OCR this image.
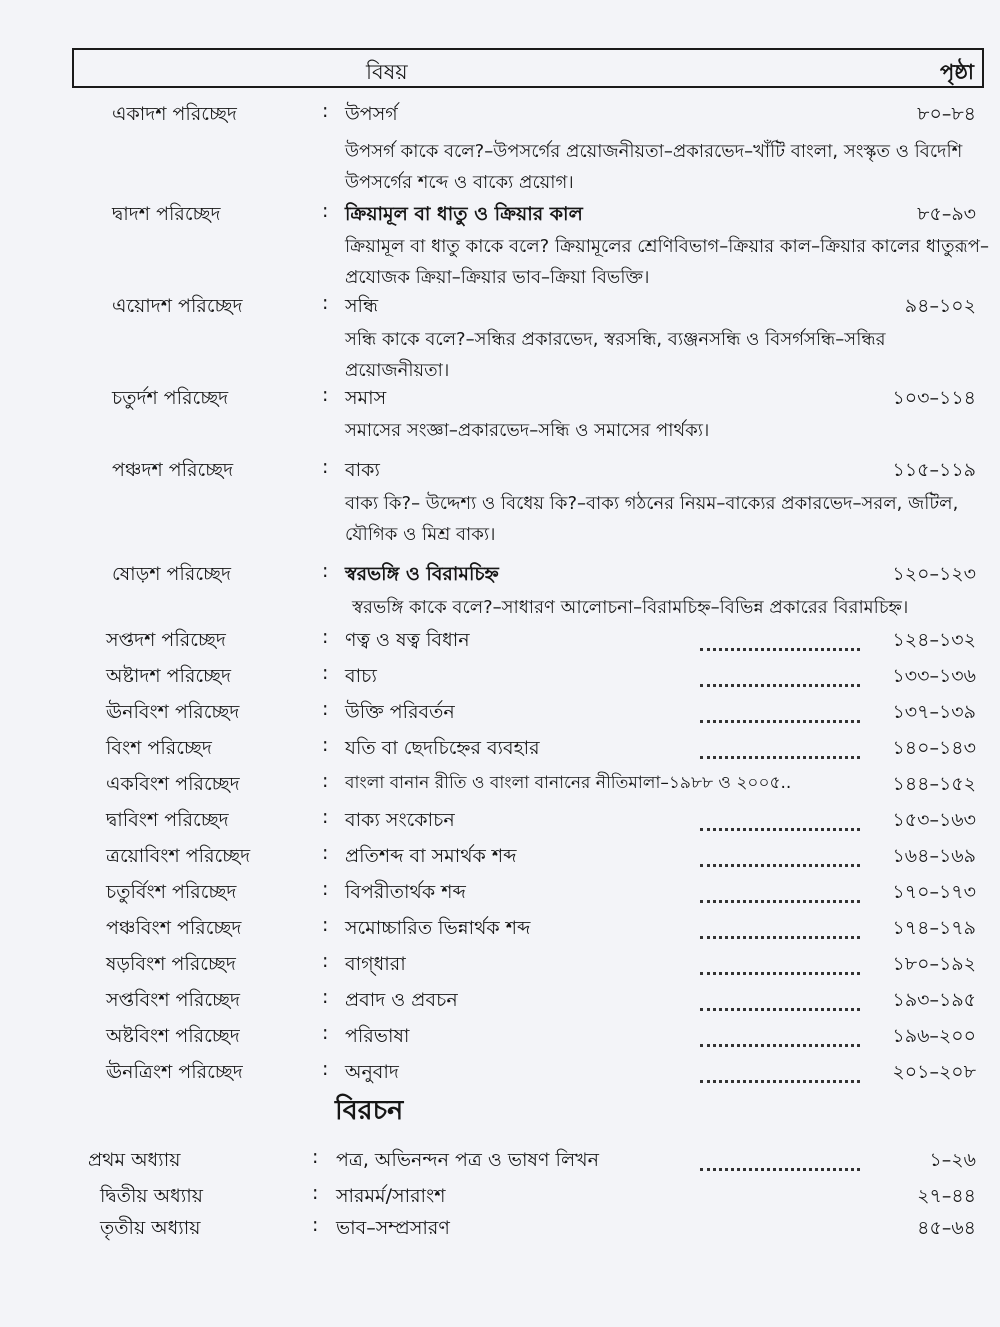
বিষয়	পৃষ্ঠা
একাদশ পরিচ্ছেদ	: উপসর্গ	৮০–৮৪
উপসর্গ কাকে বলে?–উপসর্গের প্রয়োজনীয়তা–প্রকারভেদ–খাঁটি বাংলা, সংস্কৃত ও বিদেশি উপসর্গের শব্দে ও বাক্যে প্রয়োগ।
দ্বাদশ পরিচ্ছেদ	: ক্রিয়ামূল বা ধাতু ও ক্রিয়ার কাল	৮৫–৯৩
ক্রিয়ামূল বা ধাতু কাকে বলে? ক্রিয়ামূলের শ্রেণিবিভাগ–ক্রিয়ার কাল–ক্রিয়ার কালের ধাতুরূপ–প্রযোজক ক্রিয়া–ক্রিয়ার ভাব–ক্রিয়া বিভক্তি।
এয়োদশ পরিচ্ছেদ	: সন্ধি	৯৪–১০২
সন্ধি কাকে বলে?–সন্ধির প্রকারভেদ, স্বরসন্ধি, ব্যঞ্জনসন্ধি ও বিসর্গসন্ধি–সন্ধির প্রয়োজনীয়তা।
চতুর্দশ পরিচ্ছেদ	: সমাস	১০৩–১১৪
সমাসের সংজ্ঞা–প্রকারভেদ–সন্ধি ও সমাসের পার্থক্য।
পঞ্চদশ পরিচ্ছেদ	: বাক্য	১১৫–১১৯
বাক্য কি?– উদ্দেশ্য ও বিধেয় কি?–বাক্য গঠনের নিয়ম–বাক্যের প্রকারভেদ–সরল, জটিল, যৌগিক ও মিশ্র বাক্য।
ষোড়শ পরিচ্ছেদ	: স্বরভঙ্গি ও বিরামচিহ্ন	১২০–১২৩
স্বরভঙ্গি কাকে বলে?–সাধারণ আলোচনা–বিরামচিহ্ন–বিভিন্ন প্রকারের বিরামচিহ্ন।
সপ্তদশ পরিচ্ছেদ	: ণত্ব ও ষত্ব বিধান	১২৪–১৩২
অষ্টাদশ পরিচ্ছেদ	: বাচ্য	১৩৩–১৩৬
ঊনবিংশ পরিচ্ছেদ	: উক্তি পরিবর্তন	১৩৭–১৩৯
বিংশ পরিচ্ছেদ	: যতি বা ছেদচিহ্নের ব্যবহার	১৪০–১৪৩
একবিংশ পরিচ্ছেদ	: বাংলা বানান রীতি ও বাংলা বানানের নীতিমালা–১৯৮৮ ও ২০০৫..	১৪৪–১৫২
দ্বাবিংশ পরিচ্ছেদ	: বাক্য সংকোচন	১৫৩–১৬৩
ত্রয়োবিংশ পরিচ্ছেদ	: প্রতিশব্দ বা সমার্থক শব্দ	১৬৪–১৬৯
চতুর্বিংশ পরিচ্ছেদ	: বিপরীতার্থক শব্দ	১৭০–১৭৩
পঞ্চবিংশ পরিচ্ছেদ	: সমোচ্চারিত ভিন্নার্থক শব্দ	১৭৪–১৭৯
ষড়বিংশ পরিচ্ছেদ	: বাগ্‌ধারা	১৮০–১৯২
সপ্তবিংশ পরিচ্ছেদ	: প্রবাদ ও প্রবচন	১৯৩–১৯৫
অষ্টবিংশ পরিচ্ছেদ	: পরিভাষা	১৯৬–২০০
ঊনত্রিংশ পরিচ্ছেদ	: অনুবাদ	২০১–২০৮
বিরচন
প্রথম অধ্যায়	: পত্র, অভিনন্দন পত্র ও ভাষণ লিখন	১–২৬
দ্বিতীয় অধ্যায়	: সারমর্ম/সারাংশ	২৭–৪৪
তৃতীয় অধ্যায়	: ভাব–সম্প্রসারণ	৪৫–৬৪
